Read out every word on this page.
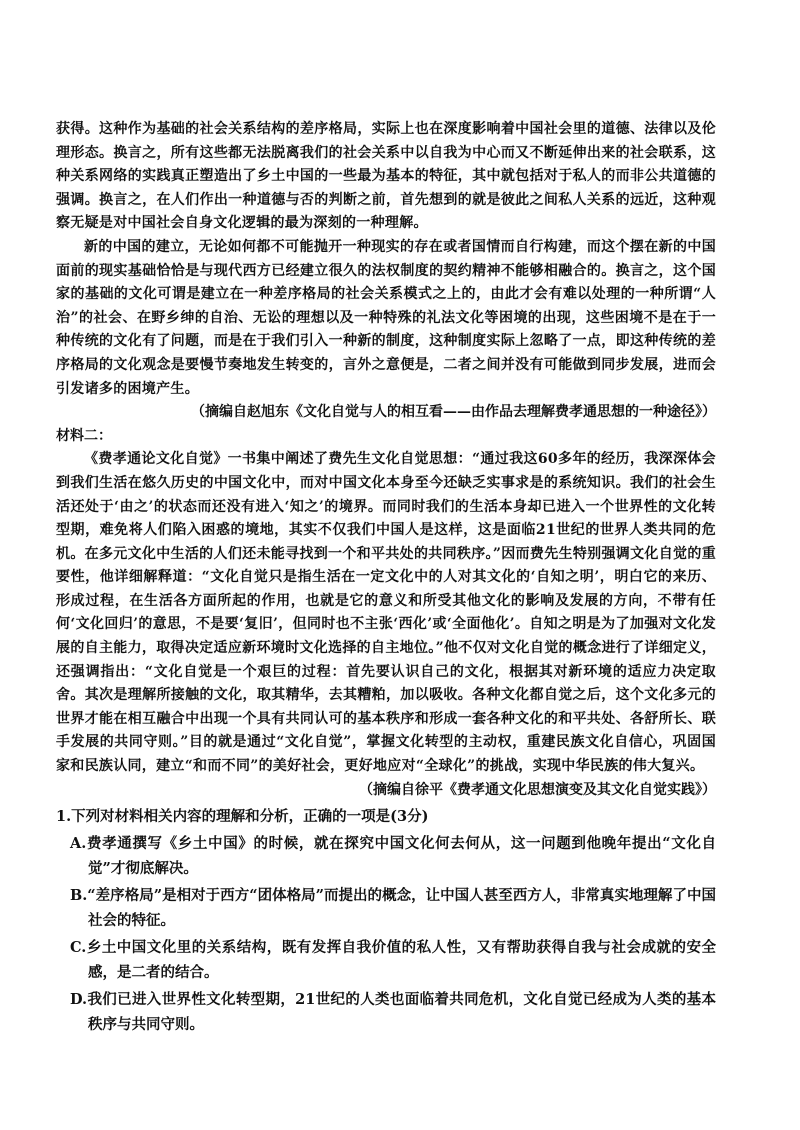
获得。这种作为基础的社会关系结构的差序格局，实际上也在深度影响着中国社会里的道德、法律以及伦理形态。换言之，所有这些都无法脱离我们的社会关系中以自我为中心而又不断延伸出来的社会联系，这种关系网络的实践真正塑造出了乡土中国的一些最为基本的特征，其中就包括对于私人的而非公共道德的强调。换言之，在人们作出一种道德与否的判断之前，首先想到的就是彼此之间私人关系的远近，这种观察无疑是对中国社会自身文化逻辑的最为深刻的一种理解。

新的中国的建立，无论如何都不可能抛开一种现实的存在或者国情而自行构建，而这个摆在新的中国面前的现实基础恰恰是与现代西方已经建立很久的法权制度的契约精神不能够相融合的。换言之，这个国家的基础的文化可谓是建立在一种差序格局的社会关系模式之上的，由此才会有难以处理的一种所谓“人治”的社会、在野乡绅的自治、无讼的理想以及一种特殊的礼法文化等困境的出现，这些困境不是在于一种传统的文化有了问题，而是在于我们引入一种新的制度，这种制度实际上忽略了一点，即这种传统的差序格局的文化观念是要慢节奏地发生转变的，言外之意便是，二者之间并没有可能做到同步发展，进而会引发诸多的困境产生。

（摘编自赵旭东《文化自觉与人的相互看——由作品去理解费孝通思想的一种途径》）

材料二：

《费孝通论文化自觉》一书集中阐述了费先生文化自觉思想：“通过我这60多年的经历，我深深体会到我们生活在悠久历史的中国文化中，而对中国文化本身至今还缺乏实事求是的系统知识。我们的社会生活还处于‘由之’的状态而还没有进入‘知之’的境界。而同时我们的生活本身却已进入一个世界性的文化转型期，难免将人们陷入困惑的境地，其实不仅我们中国人是这样，这是面临21世纪的世界人类共同的危机。在多元文化中生活的人们还未能寻找到一个和平共处的共同秩序。”因而费先生特别强调文化自觉的重要性，他详细解释道：“文化自觉只是指生活在一定文化中的人对其文化的‘自知之明’，明白它的来历、形成过程，在生活各方面所起的作用，也就是它的意义和所受其他文化的影响及发展的方向，不带有任何‘文化回归’的意思，不是要‘复旧’，但同时也不主张‘西化’或‘全面他化’。自知之明是为了加强对文化发展的自主能力，取得决定适应新环境时文化选择的自主地位。”他不仅对文化自觉的概念进行了详细定义，还强调指出：“文化自觉是一个艰巨的过程：首先要认识自己的文化，根据其对新环境的适应力决定取舍。其次是理解所接触的文化，取其精华，去其糟粕，加以吸收。各种文化都自觉之后，这个文化多元的世界才能在相互融合中出现一个具有共同认可的基本秩序和形成一套各种文化的和平共处、各舒所长、联手发展的共同守则。”目的就是通过“文化自觉”，掌握文化转型的主动权，重建民族文化自信心，巩固国家和民族认同，建立“和而不同”的美好社会，更好地应对“全球化”的挑战，实现中华民族的伟大复兴。

（摘编自徐平《费孝通文化思想演变及其文化自觉实践》）

1.下列对材料相关内容的理解和分析，正确的一项是(3分)

A.费孝通撰写《乡土中国》的时候，就在探究中国文化何去何从，这一问题到他晚年提出“文化自觉”才彻底解决。

B.“差序格局”是相对于西方“团体格局”而提出的概念，让中国人甚至西方人，非常真实地理解了中国社会的特征。

C.乡土中国文化里的关系结构，既有发挥自我价值的私人性，又有帮助获得自我与社会成就的安全感，是二者的结合。

D.我们已进入世界性文化转型期，21世纪的人类也面临着共同危机，文化自觉已经成为人类的基本秩序与共同守则。
